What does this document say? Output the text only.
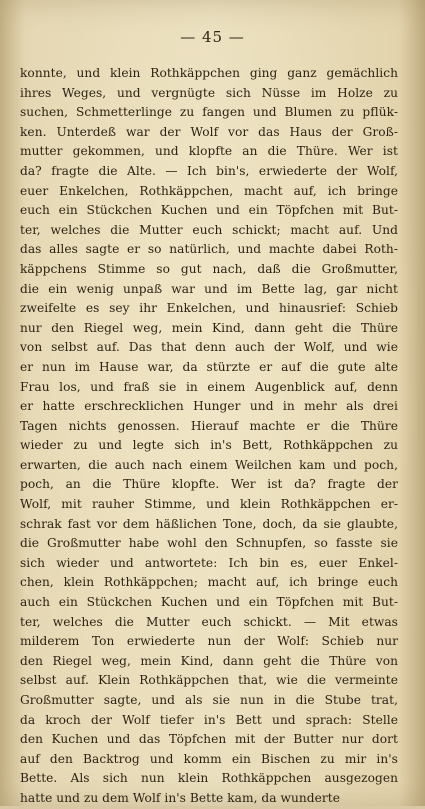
— 45 —
konnte, und klein Rothkäppchen ging ganz gemächlich
ihres Weges, und vergnügte sich Nüsse im Holze zu
suchen, Schmetterlinge zu fangen und Blumen zu pflük-
ken. Unterdeß war der Wolf vor das Haus der Groß-
mutter gekommen, und klopfte an die Thüre. Wer ist
da? fragte die Alte. — Ich bin's, erwiederte der Wolf,
euer Enkelchen, Rothkäppchen, macht auf, ich bringe
euch ein Stückchen Kuchen und ein Töpfchen mit But-
ter, welches die Mutter euch schickt; macht auf. Und
das alles sagte er so natürlich, und machte dabei Roth-
käppchens Stimme so gut nach, daß die Großmutter,
die ein wenig unpaß war und im Bette lag, gar nicht
zweifelte es sey ihr Enkelchen, und hinausrief: Schieb
nur den Riegel weg, mein Kind, dann geht die Thüre
von selbst auf. Das that denn auch der Wolf, und wie
er nun im Hause war, da stürzte er auf die gute alte
Frau los, und fraß sie in einem Augenblick auf, denn
er hatte erschrecklichen Hunger und in mehr als drei
Tagen nichts genossen. Hierauf machte er die Thüre
wieder zu und legte sich in's Bett, Rothkäppchen zu
erwarten, die auch nach einem Weilchen kam und poch,
poch, an die Thüre klopfte. Wer ist da? fragte der
Wolf, mit rauher Stimme, und klein Rothkäppchen er-
schrak fast vor dem häßlichen Tone, doch, da sie glaubte,
die Großmutter habe wohl den Schnupfen, so fasste sie
sich wieder und antwortete: Ich bin es, euer Enkel-
chen, klein Rothkäppchen; macht auf, ich bringe euch
auch ein Stückchen Kuchen und ein Töpfchen mit But-
ter, welches die Mutter euch schickt. — Mit etwas
milderem Ton erwiederte nun der Wolf: Schieb nur
den Riegel weg, mein Kind, dann geht die Thüre von
selbst auf. Klein Rothkäppchen that, wie die vermeinte
Großmutter sagte, und als sie nun in die Stube trat,
da kroch der Wolf tiefer in's Bett und sprach: Stelle
den Kuchen und das Töpfchen mit der Butter nur dort
auf den Backtrog und komm ein Bischen zu mir in's
Bette. Als sich nun klein Rothkäppchen ausgezogen
hatte und zu dem Wolf in's Bette kam, da wunderte
